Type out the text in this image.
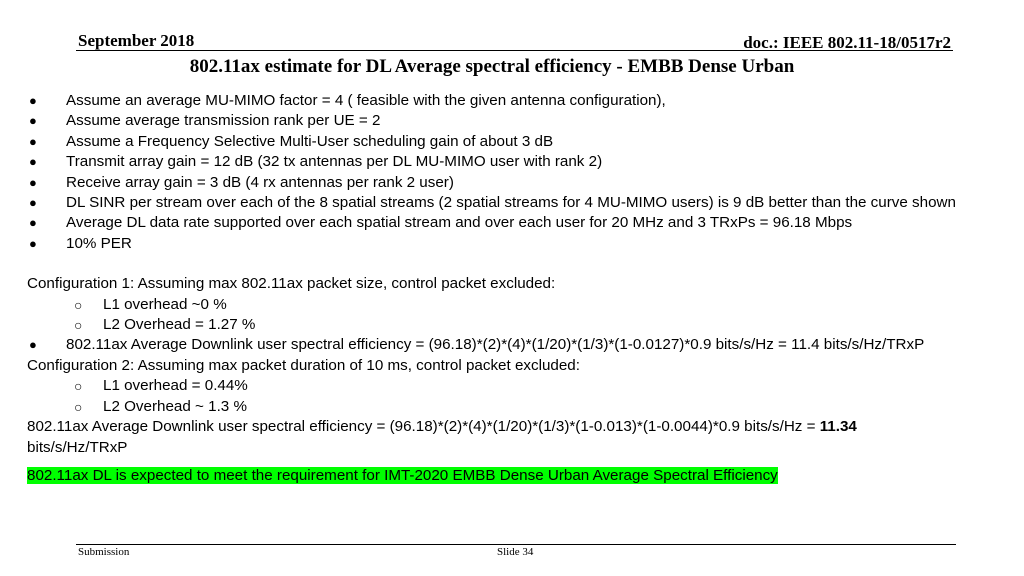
September 2018	doc.: IEEE 802.11-18/0517r2
802.11ax estimate for DL Average spectral efficiency - EMBB Dense Urban
● Assume an average MU-MIMO factor = 4 ( feasible with the given antenna configuration),
● Assume average transmission rank per UE = 2
● Assume a Frequency Selective Multi-User scheduling gain of about 3 dB
● Transmit array gain = 12 dB (32 tx antennas per DL MU-MIMO user with rank 2)
● Receive array gain = 3 dB (4 rx antennas per rank 2 user)
● DL SINR per stream over each of the 8 spatial streams (2 spatial streams for 4 MU-MIMO users) is 9 dB better than the curve shown
● Average DL data rate supported over each spatial stream and over each user for 20 MHz and 3 TRxPs = 96.18 Mbps
● 10% PER
Configuration 1: Assuming max 802.11ax packet size, control packet excluded:
○ L1 overhead ~0 %
○ L2 Overhead = 1.27 %
● 802.11ax Average Downlink user spectral efficiency = (96.18)*(2)*(4)*(1/20)*(1/3)*(1-0.0127)*0.9 bits/s/Hz = 11.4 bits/s/Hz/TRxP
Configuration 2: Assuming max packet duration of 10 ms, control packet excluded:
○ L1 overhead = 0.44%
○ L2 Overhead ~ 1.3 %
802.11ax Average Downlink user spectral efficiency = (96.18)*(2)*(4)*(1/20)*(1/3)*(1-0.013)*(1-0.0044)*0.9 bits/s/Hz = 11.34
bits/s/Hz/TRxP
802.11ax DL is expected to meet the requirement for IMT-2020 EMBB Dense Urban Average Spectral Efficiency
Submission	Slide 34
